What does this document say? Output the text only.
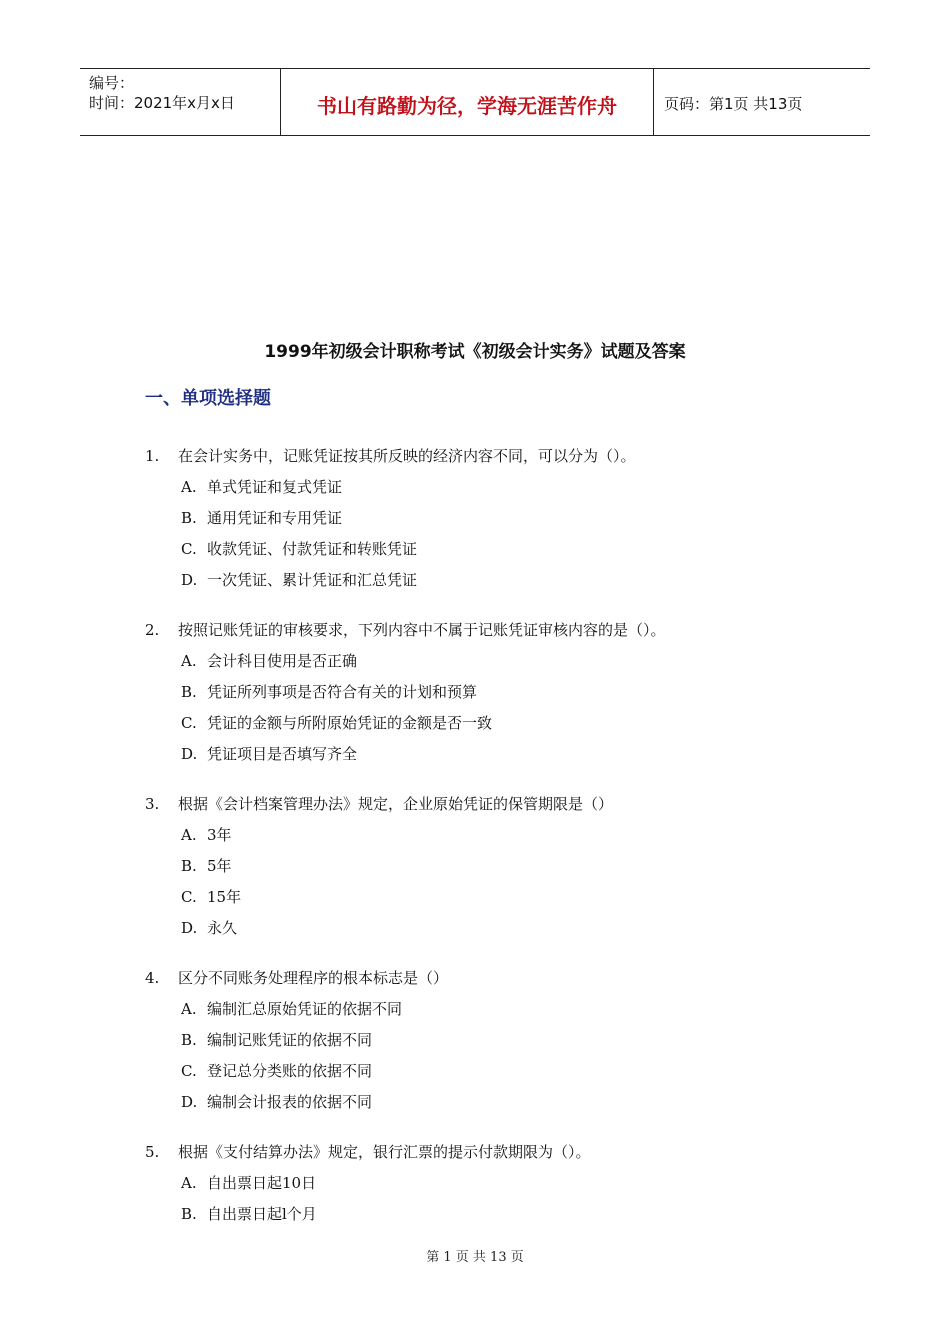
编号：
时间：2021年x月x日	书山有路勤为径，学海无涯苦作舟	页码：第1页 共13页
1999年初级会计职称考试《初级会计实务》试题及答案
一、单项选择题
1.	在会计实务中，记账凭证按其所反映的经济内容不同，可以分为（）。
A. 单式凭证和复式凭证
B. 通用凭证和专用凭证
C. 收款凭证、付款凭证和转账凭证
D. 一次凭证、累计凭证和汇总凭证
2.	按照记账凭证的审核要求，下列内容中不属于记账凭证审核内容的是（）。
A. 会计科目使用是否正确
B. 凭证所列事项是否符合有关的计划和预算
C. 凭证的金额与所附原始凭证的金额是否一致
D. 凭证项目是否填写齐全
3.	根据《会计档案管理办法》规定，企业原始凭证的保管期限是（）
A. 3年
B. 5年
C. 15年
D. 永久
4.	区分不同账务处理程序的根本标志是（）
A. 编制汇总原始凭证的依据不同
B. 编制记账凭证的依据不同
C. 登记总分类账的依据不同
D. 编制会计报表的依据不同
5.	根据《支付结算办法》规定，银行汇票的提示付款期限为（）。
A. 自出票日起10日
B. 自出票日起l个月
第 1 页 共 13 页
